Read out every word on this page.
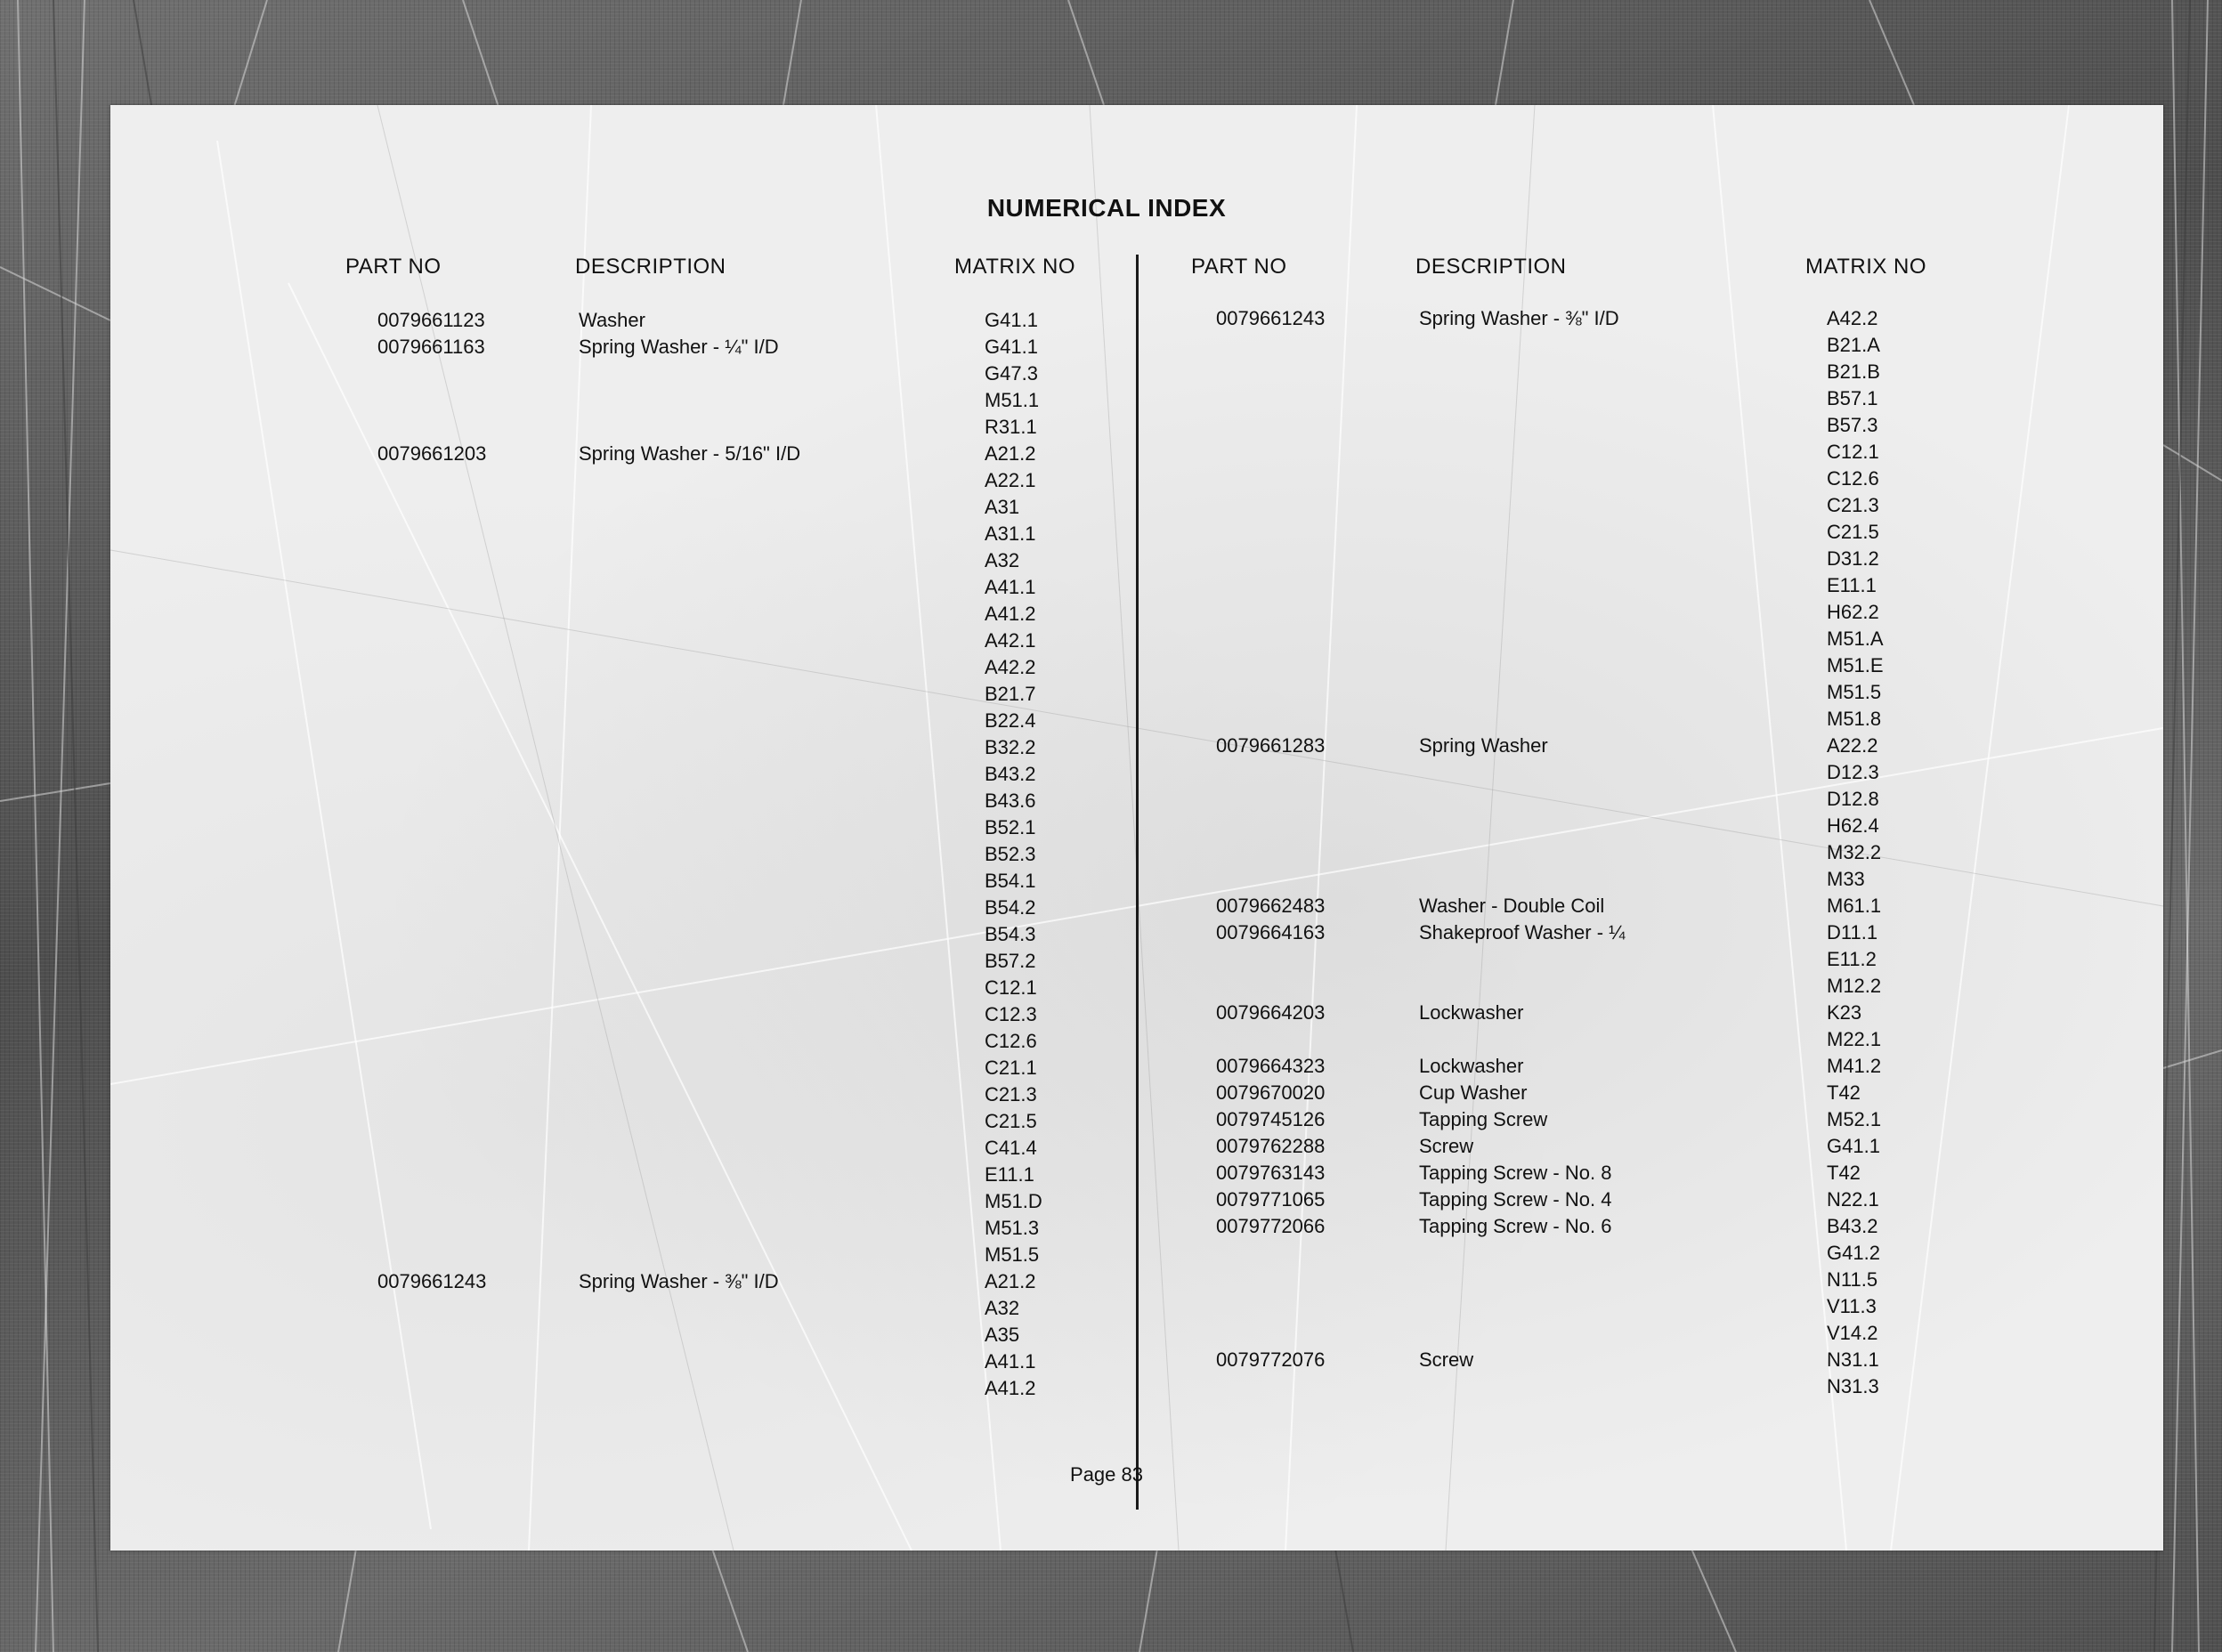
NUMERICAL INDEX
PART NO	DESCRIPTION	MATRIX NO	PART NO	DESCRIPTION	MATRIX NO
0079661123	Washer	G41.1
0079661163	Spring Washer - ¼" I/D	G41.1
G47.3
M51.1
R31.1
0079661203	Spring Washer - 5/16" I/D	A21.2
A22.1
A31
A31.1
A32
A41.1
A41.2
A42.1
A42.2
B21.7
B22.4
B32.2
B43.2
B43.6
B52.1
B52.3
B54.1
B54.2
B54.3
B57.2
C12.1
C12.3
C12.6
C21.1
C21.3
C21.5
C41.4
E11.1
M51.D
M51.3
M51.5
0079661243	Spring Washer - ⅜" I/D	A21.2
A32
A35
A41.1
A41.2
0079661243	Spring Washer - ⅜" I/D	A42.2
B21.A
B21.B
B57.1
B57.3
C12.1
C12.6
C21.3
C21.5
D31.2
E11.1
H62.2
M51.A
M51.E
M51.5
M51.8
0079661283	Spring Washer	A22.2
D12.3
D12.8
H62.4
M32.2
M33
0079662483	Washer - Double Coil	M61.1
0079664163	Shakeproof Washer - ¼	D11.1
E11.2
M12.2
0079664203	Lockwasher	K23
M22.1
0079664323	Lockwasher	M41.2
0079670020	Cup Washer	T42
0079745126	Tapping Screw	M52.1
0079762288	Screw	G41.1
0079763143	Tapping Screw - No. 8	T42
0079771065	Tapping Screw - No. 4	N22.1
0079772066	Tapping Screw - No. 6	B43.2
G41.2
N11.5
V11.3
V14.2
0079772076	Screw	N31.1
N31.3
Page 83
